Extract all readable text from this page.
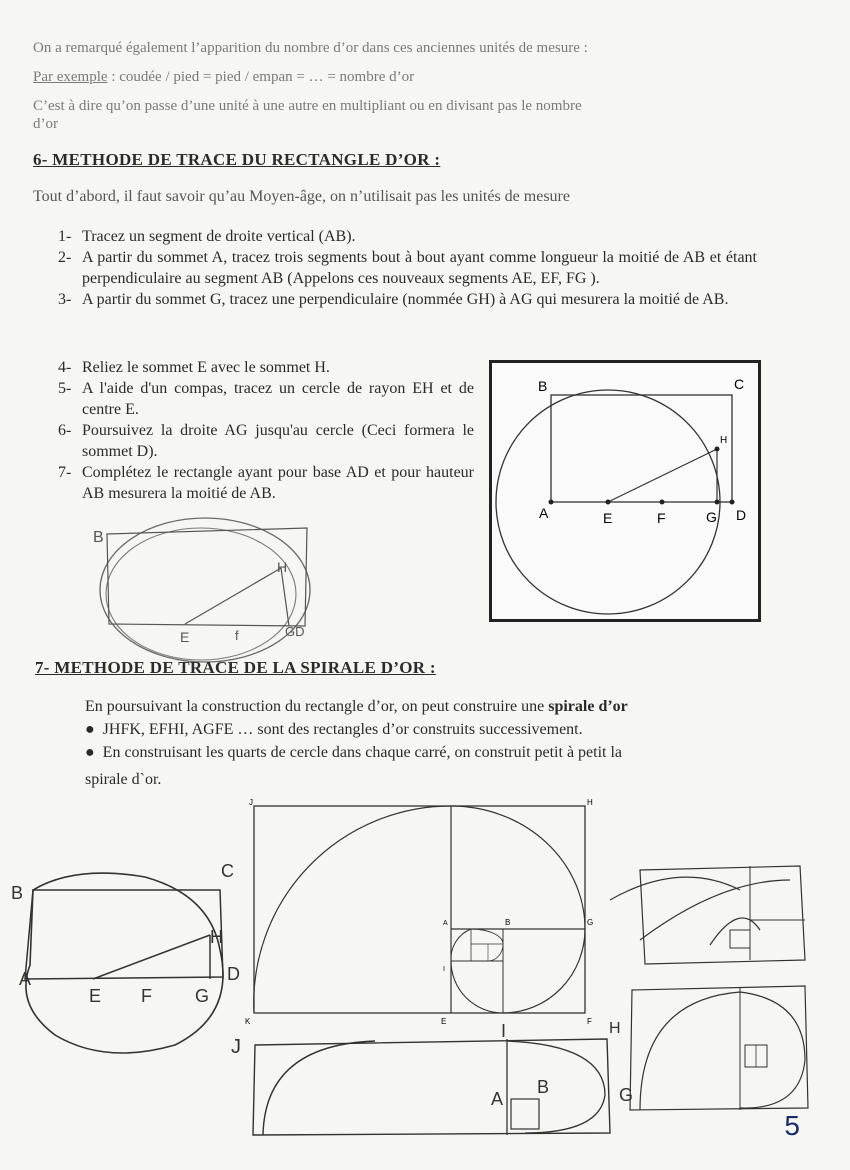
On a remarqué également l’apparition du nombre d’or dans ces anciennes unités de mesure :
Par exemple : coudée / pied = pied / empan = … = nombre d’or
C’est à dire qu’on passe d’une unité à une autre en multipliant ou en divisant pas le nombre
d’or
6- METHODE DE TRACE DU RECTANGLE D’OR :
Tout d’abord, il faut savoir qu’au Moyen-âge, on n’utilisait pas les unités de mesure
1- Tracez un segment de droite vertical (AB).
2- A partir du sommet A, tracez trois segments bout à bout ayant comme longueur la moitié de AB et étant perpendiculaire au segment AB (Appelons ces nouveaux segments AE, EF, FG ).
3- A partir du sommet G, tracez une perpendiculaire (nommée GH) à AG qui mesurera la moitié de AB.
4- Reliez le sommet E avec le sommet H.
5- A l'aide d'un compas, tracez un cercle de rayon EH et de centre E.
6- Poursuivez la droite AG jusqu'au cercle (Ceci formera le sommet D).
7- Complétez le rectangle ayant pour base AD et pour hauteur AB mesurera la moitié de AB.
B	C
H
A	E	F	G D
B
H
E	f	GD
7- METHODE DE TRACE DE LA SPIRALE D’OR :

En poursuivant la construction du rectangle d’or, on peut construire une spirale d’or

●  JHFK, EFHI, AGFE … sont des rectangles d’or construits successivement.

●  En construisant les quarts de cercle dans chaque carré, on construit petit à petit la

spirale d`or.
J	H
K	E	F
B
A	G
I
B
C
H
A
E F G
D
J
I
A
B
H
G
5
